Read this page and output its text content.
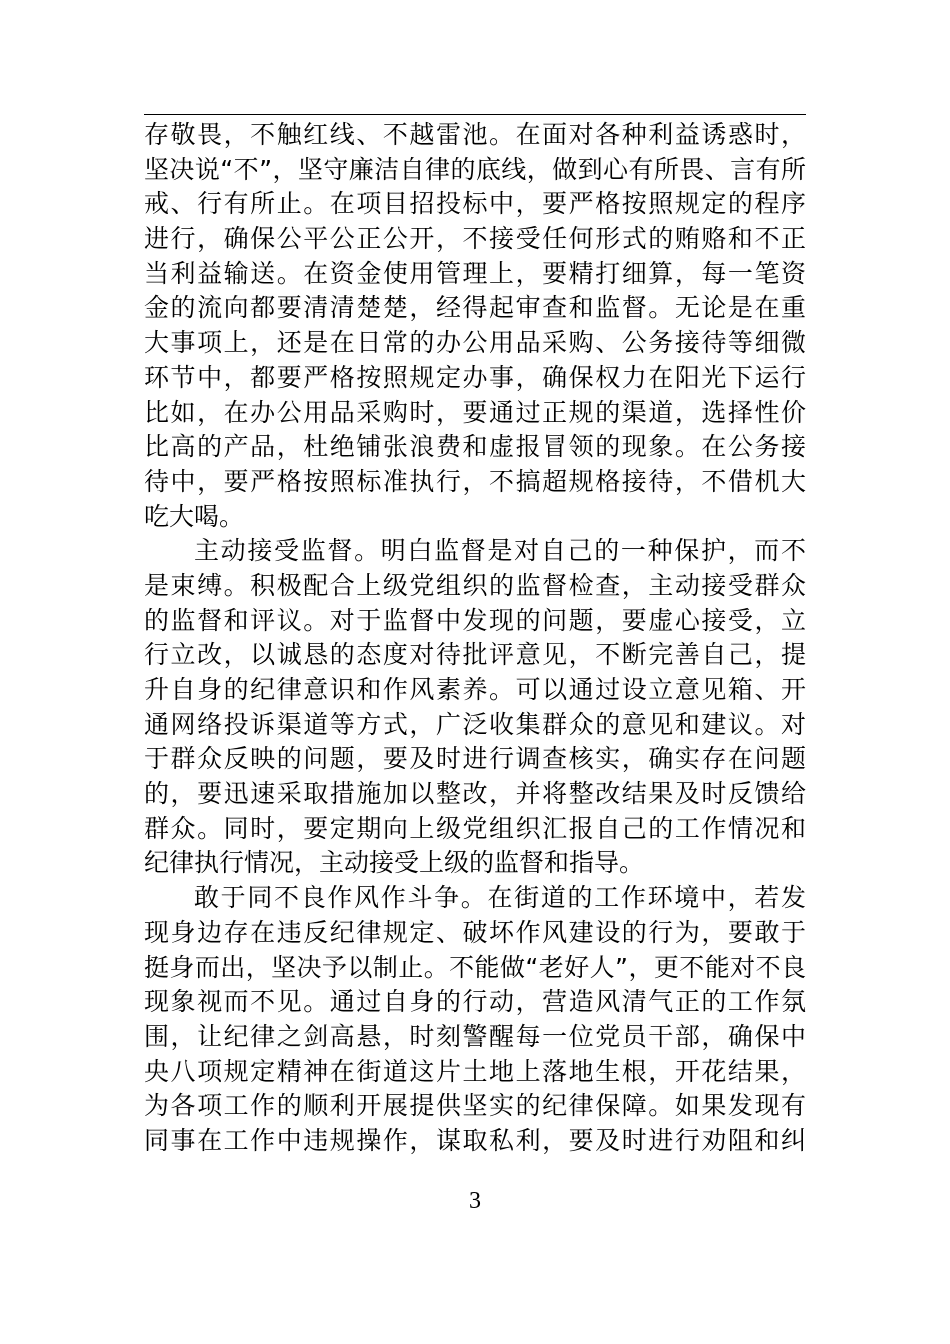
存敬畏，不触红线、不越雷池。在面对各种利益诱惑时，
坚决说“不”，坚守廉洁自律的底线，做到心有所畏、言有所
戒、行有所止。在项目招投标中，要严格按照规定的程序
进行，确保公平公正公开，不接受任何形式的贿赂和不正
当利益输送。在资金使用管理上，要精打细算，每一笔资
金的流向都要清清楚楚，经得起审查和监督。无论是在重
大事项上，还是在日常的办公用品采购、公务接待等细微
环节中，都要严格按照规定办事，确保权力在阳光下运行
比如，在办公用品采购时，要通过正规的渠道，选择性价
比高的产品，杜绝铺张浪费和虚报冒领的现象。在公务接
待中，要严格按照标准执行，不搞超规格接待，不借机大
吃大喝。
主动接受监督。明白监督是对自己的一种保护，而不
是束缚。积极配合上级党组织的监督检查，主动接受群众
的监督和评议。对于监督中发现的问题，要虚心接受，立
行立改，以诚恳的态度对待批评意见，不断完善自己，提
升自身的纪律意识和作风素养。可以通过设立意见箱、开
通网络投诉渠道等方式，广泛收集群众的意见和建议。对
于群众反映的问题，要及时进行调查核实，确实存在问题
的，要迅速采取措施加以整改，并将整改结果及时反馈给
群众。同时，要定期向上级党组织汇报自己的工作情况和
纪律执行情况，主动接受上级的监督和指导。
敢于同不良作风作斗争。在街道的工作环境中，若发
现身边存在违反纪律规定、破坏作风建设的行为，要敢于
挺身而出，坚决予以制止。不能做“老好人”，更不能对不良
现象视而不见。通过自身的行动，营造风清气正的工作氛
围，让纪律之剑高悬，时刻警醒每一位党员干部，确保中
央八项规定精神在街道这片土地上落地生根，开花结果，
为各项工作的顺利开展提供坚实的纪律保障。如果发现有
同事在工作中违规操作，谋取私利，要及时进行劝阻和纠
3
